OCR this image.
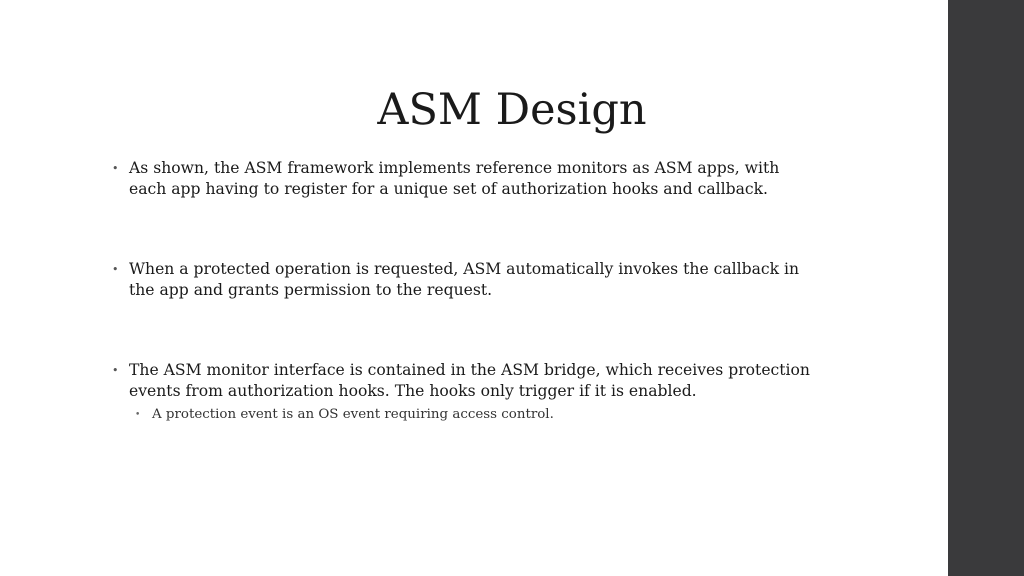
ASM Design
• As shown, the ASM framework implements reference monitors as ASM apps, with each app having to register for a unique set of authorization hooks and callback.
• When a protected operation is requested, ASM automatically invokes the callback in the app and grants permission to the request.
• The ASM monitor interface is contained in the ASM bridge, which receives protection events from authorization hooks. The hooks only trigger if it is enabled.
• A protection event is an OS event requiring access control.
